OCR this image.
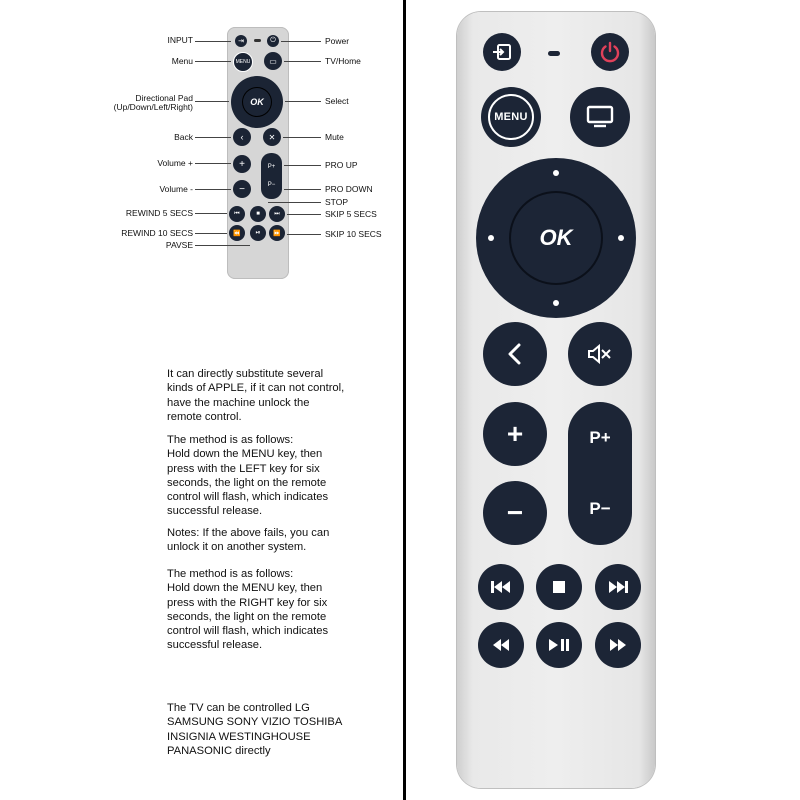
⇥	⏻
MENU	▭
OK
‹	✕
+
−
P+
P−
⏮	■	⏭
⏪	⏯	⏩
INPUT
Menu
Directional Pad
(Up/Down/Left/Right)
Back
Volume +
Volume -
REWIND 5 SECS
REWIND 10 SECS
PAVSE
Power
TV/Home
Select
Mute
PRO UP
PRO DOWN
STOP
SKIP 5 SECS
SKIP 10 SECS
It can directly substitute several
kinds of APPLE, if it can not control,
have the machine unlock the
remote control.
The method is as follows:
Hold down the MENU key, then
press with the LEFT key for six
seconds, the light on the remote
control will flash, which indicates
successful release.
Notes: If the above fails, you can
unlock it on another system.
The method is as follows:
Hold down the MENU key, then
press with the RIGHT key for six
seconds, the light on the remote
control will flash, which indicates
successful release.
The TV can be controlled LG
SAMSUNG SONY VIZIO TOSHIBA
INSIGNIA WESTINGHOUSE
PANASONIC directly
MENU
OK
+
−
P+
P−
